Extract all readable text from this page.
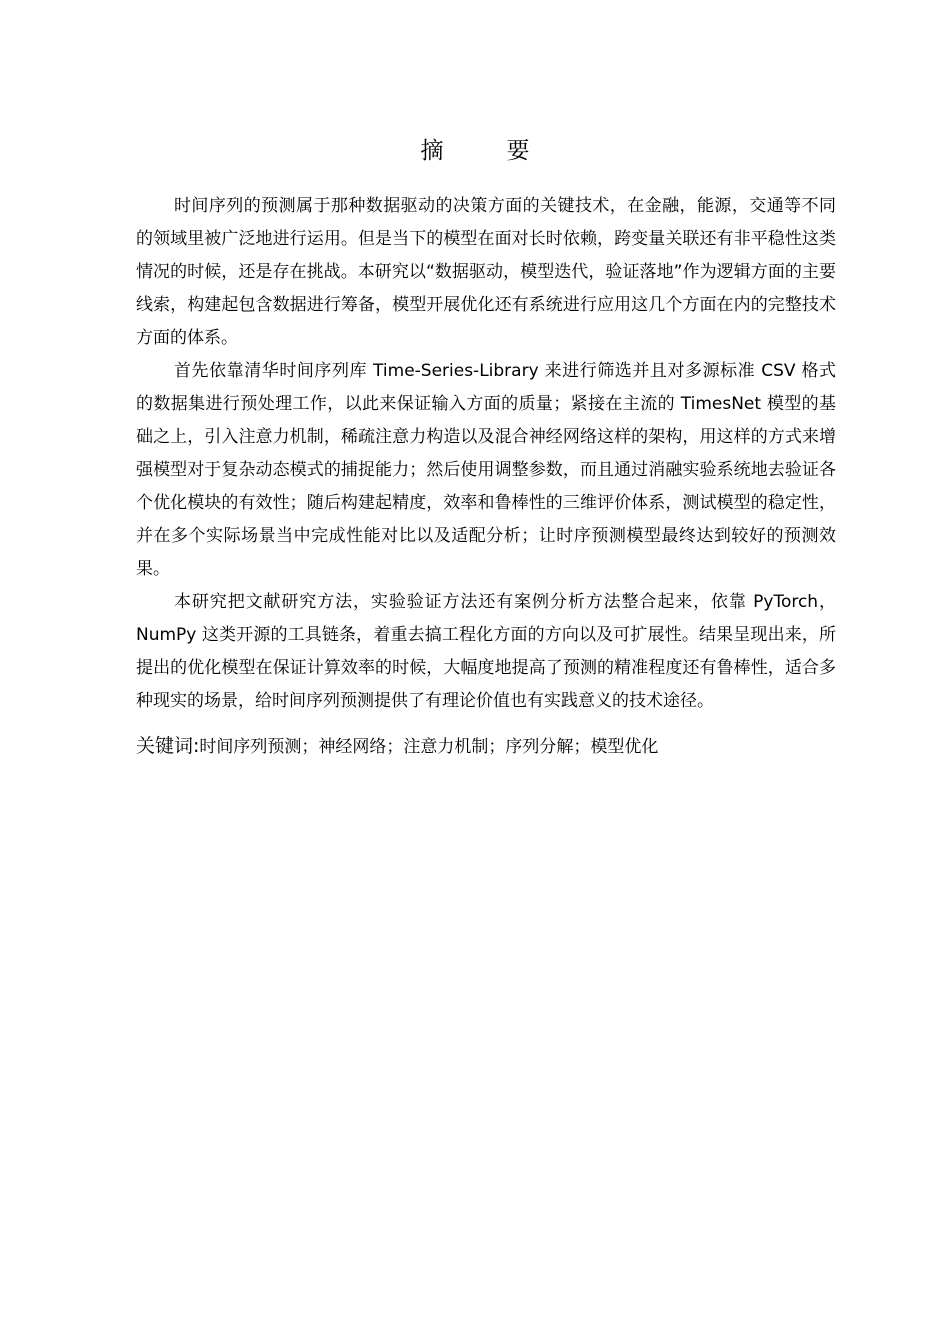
摘　要

时间序列的预测属于那种数据驱动的决策方面的关键技术，在金融，能源，交通等不同的领域里被广泛地进行运用。但是当下的模型在面对长时依赖，跨变量关联还有非平稳性这类情况的时候，还是存在挑战。本研究以“数据驱动，模型迭代，验证落地”作为逻辑方面的主要线索，构建起包含数据进行筹备，模型开展优化还有系统进行应用这几个方面在内的完整技术方面的体系。

首先依靠清华时间序列库 Time-Series-Library 来进行筛选并且对多源标准 CSV 格式的数据集进行预处理工作，以此来保证输入方面的质量；紧接在主流的 TimesNet 模型的基础之上，引入注意力机制，稀疏注意力构造以及混合神经网络这样的架构，用这样的方式来增强模型对于复杂动态模式的捕捉能力；然后使用调整参数，而且通过消融实验系统地去验证各个优化模块的有效性；随后构建起精度，效率和鲁棒性的三维评价体系，测试模型的稳定性，并在多个实际场景当中完成性能对比以及适配分析；让时序预测模型最终达到较好的预测效果。

本研究把文献研究方法，实验验证方法还有案例分析方法整合起来，依靠 PyTorch，NumPy 这类开源的工具链条，着重去搞工程化方面的方向以及可扩展性。结果呈现出来，所提出的优化模型在保证计算效率的时候，大幅度地提高了预测的精准程度还有鲁棒性，适合多种现实的场景，给时间序列预测提供了有理论价值也有实践意义的技术途径。

关键词:时间序列预测；神经网络；注意力机制；序列分解；模型优化
